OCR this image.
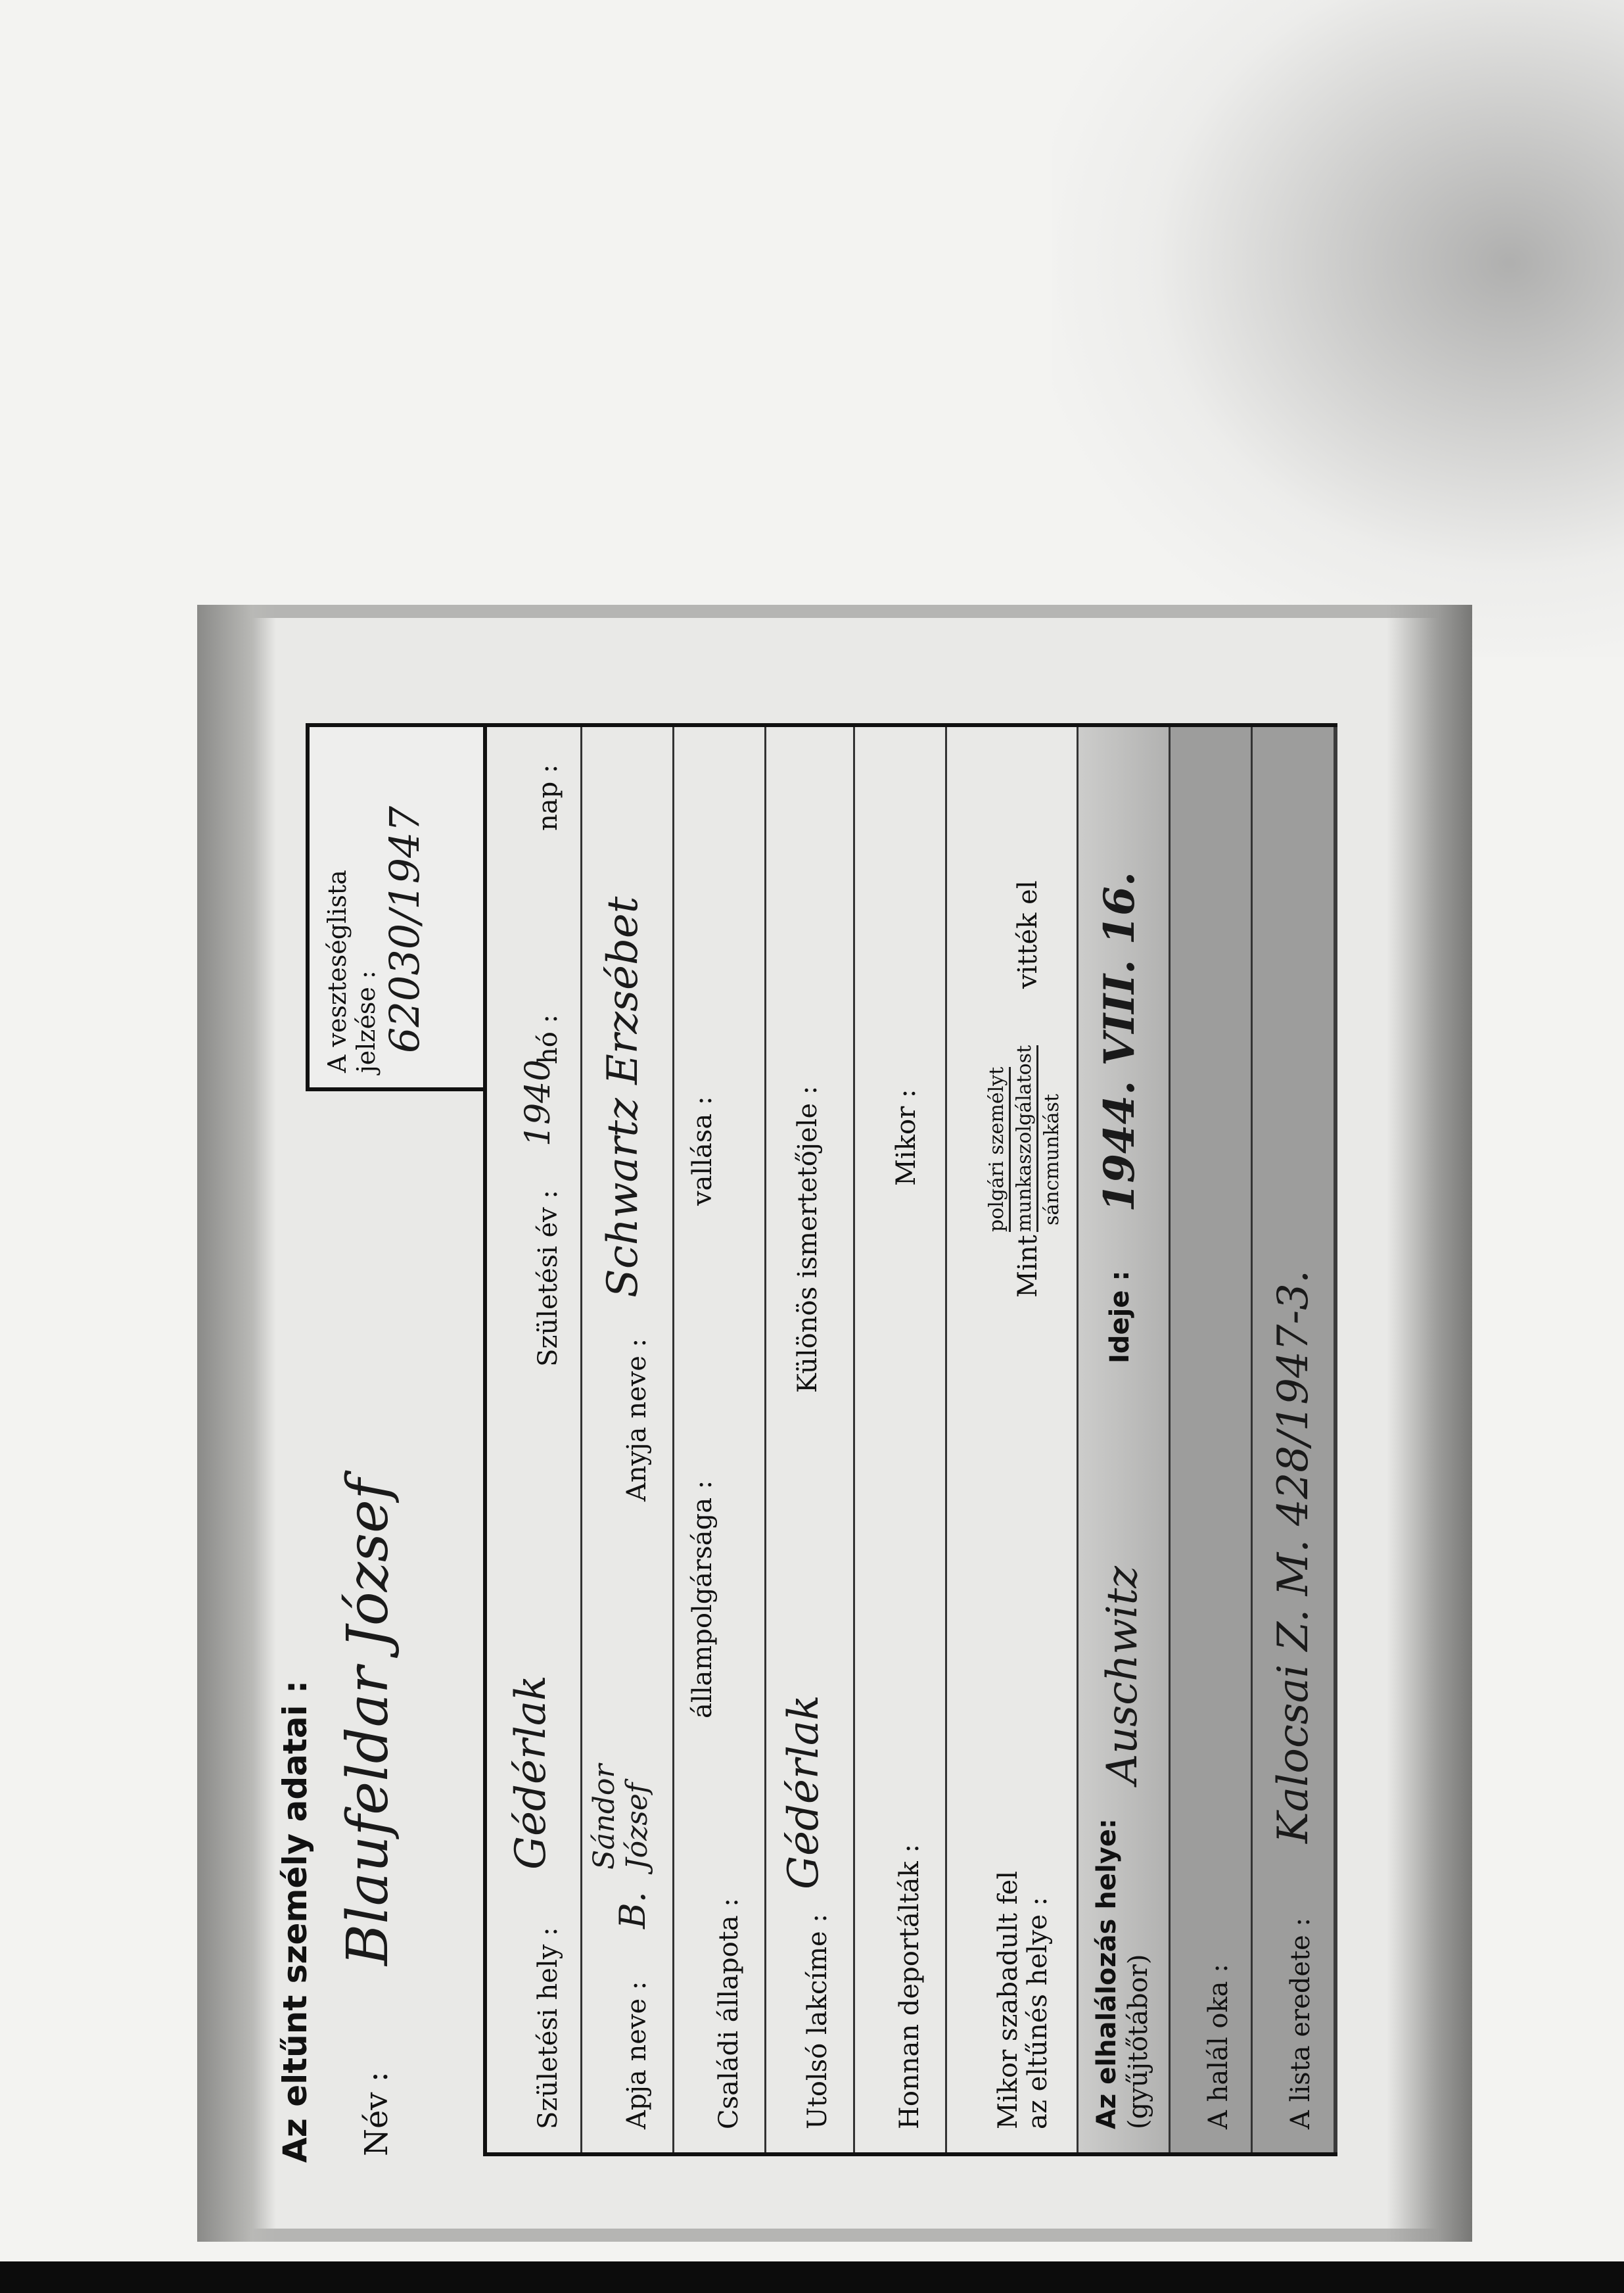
Az eltűnt személy adatai : Név :
Blaufeldar József
A veszteséglista jelzése : 62030/1947
Születési hely :
Gédérlak
Születési év :
1940
hó :
nap :
Apja neve :
B.
Sándor József
Anyja neve :
Schwartz Erzsébet
Családi állapota :
állampolgársága :
vallása :
Utolsó lakcíme :
Gédérlak
Különös ismertetőjele :
Honnan deportálták :
Mikor :
Mikor szabadult fel az eltűnés helye :
Mint
polgári személyt munkaszolgálatost sáncmunkást
vitték el
Az elhalálozás helye: (gyűjtőtábor)
Auschwitz
Ideje :
1944. VIII. 16.
A halál oka : A lista eredete :
Kalocsai Z. M. 428/1947-3.
